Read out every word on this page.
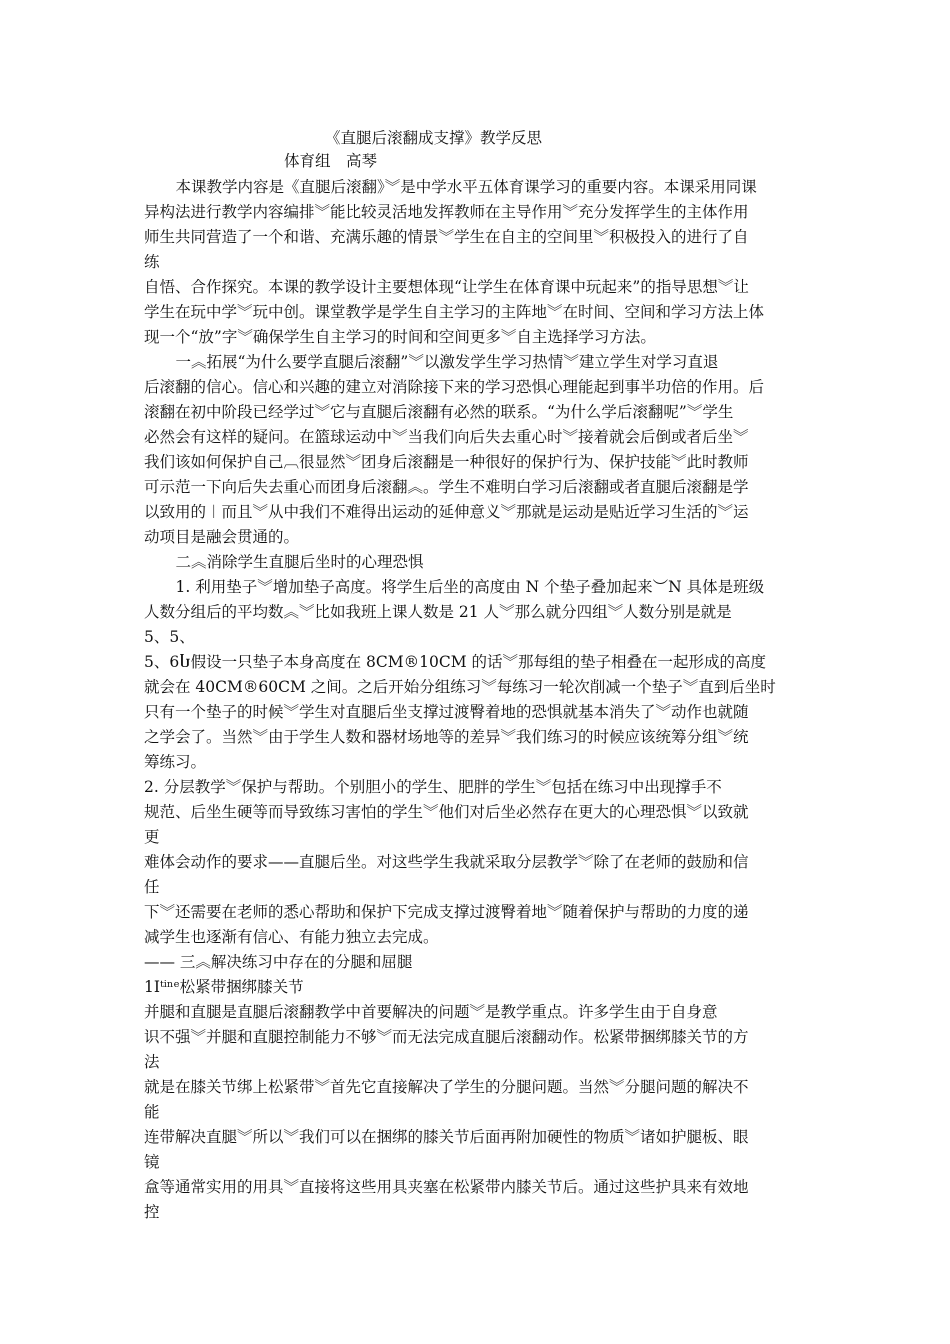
《直腿后滚翻成支撑》教学反思
体育组　高琴
　本课教学内容是《直腿后滚翻》︾是中学水平五体育课学习的重要内容。本课采用同课
异构法进行教学内容编排︾能比较灵活地发挥教师在主导作用︾充分发挥学生的主体作用
师生共同营造了一个和谐、充满乐趣的情景︾学生在自主的空间里︾积极投入的进行了自
练
自悟、合作探究。本课的教学设计主要想体现“让学生在体育课中玩起来”的指导思想︾让
学生在玩中学︾玩中创。课堂教学是学生自主学习的主阵地︾在时间、空间和学习方法上体
现一个“放”字︾确保学生自主学习的时间和空间更多︾自主选择学习方法。
　一︽拓展“为什么要学直腿后滚翻”︾以激发学生学习热情︾建立学生对学习直退
后滚翻的信心。信心和兴趣的建立对消除接下来的学习恐惧心理能起到事半功倍的作用。后
滚翻在初中阶段已经学过︾它与直腿后滚翻有必然的联系。“为什么学后滚翻呢”︾学生
必然会有这样的疑问。在篮球运动中︾当我们向后失去重心时︾接着就会后倒或者后坐︾
我们该如何保护自己︹很显然︾团身后滚翻是一种很好的保护行为、保护技能︾此时教师
可示范一下向后失去重心而团身后滚翻︽。学生不难明白学习后滚翻或者直腿后滚翻是学
以致用的︱而且︾从中我们不难得出运动的延伸意义︾那就是运动是贴近学习生活的︾运
动项目是融会贯通的。
　二︽消除学生直腿后坐时的心理恐惧
　1. 利用垫子︾增加垫子高度。将学生后坐的高度由 N 个垫子叠加起来︶N 具体是班级
人数分组后的平均数︽︾比如我班上课人数是 21 人︾那么就分四组︾人数分别是就是
5、5、
5、6Ⴑ假设一只垫子本身高度在 8CM®10CM 的话︾那每组的垫子相叠在一起形成的高度
就会在 40CM®60CM 之间。之后开始分组练习︾每练习一轮次削减一个垫子︾直到后坐时
只有一个垫子的时候︾学生对直腿后坐支撑过渡臀着地的恐惧就基本消失了︾动作也就随
之学会了。当然︾由于学生人数和器材场地等的差异︾我们练习的时候应该统筹分组︾统
筹练习。
2. 分层教学︾保护与帮助。个别胆小的学生、肥胖的学生︾包括在练习中出现撑手不
规范、后坐生硬等而导致练习害怕的学生︾他们对后坐必然存在更大的心理恐惧︾以致就
更
难体会动作的要求——直腿后坐。对这些学生我就采取分层教学︾除了在老师的鼓励和信
任
下︾还需要在老师的悉心帮助和保护下完成支撑过渡臀着地︾随着保护与帮助的力度的递
减学生也逐渐有信心、有能力独立去完成。
—— 三︽解决练习中存在的分腿和屈腿
1Iᵗⁱⁿᵉ松紧带捆绑膝关节
并腿和直腿是直腿后滚翻教学中首要解决的问题︾是教学重点。许多学生由于自身意
识不强︾并腿和直腿控制能力不够︾而无法完成直腿后滚翻动作。松紧带捆绑膝关节的方
法
就是在膝关节绑上松紧带︾首先它直接解决了学生的分腿问题。当然︾分腿问题的解决不
能
连带解决直腿︾所以︾我们可以在捆绑的膝关节后面再附加硬性的物质︾诸如护腿板、眼
镜
盒等通常实用的用具︾直接将这些用具夹塞在松紧带内膝关节后。通过这些护具来有效地
控
